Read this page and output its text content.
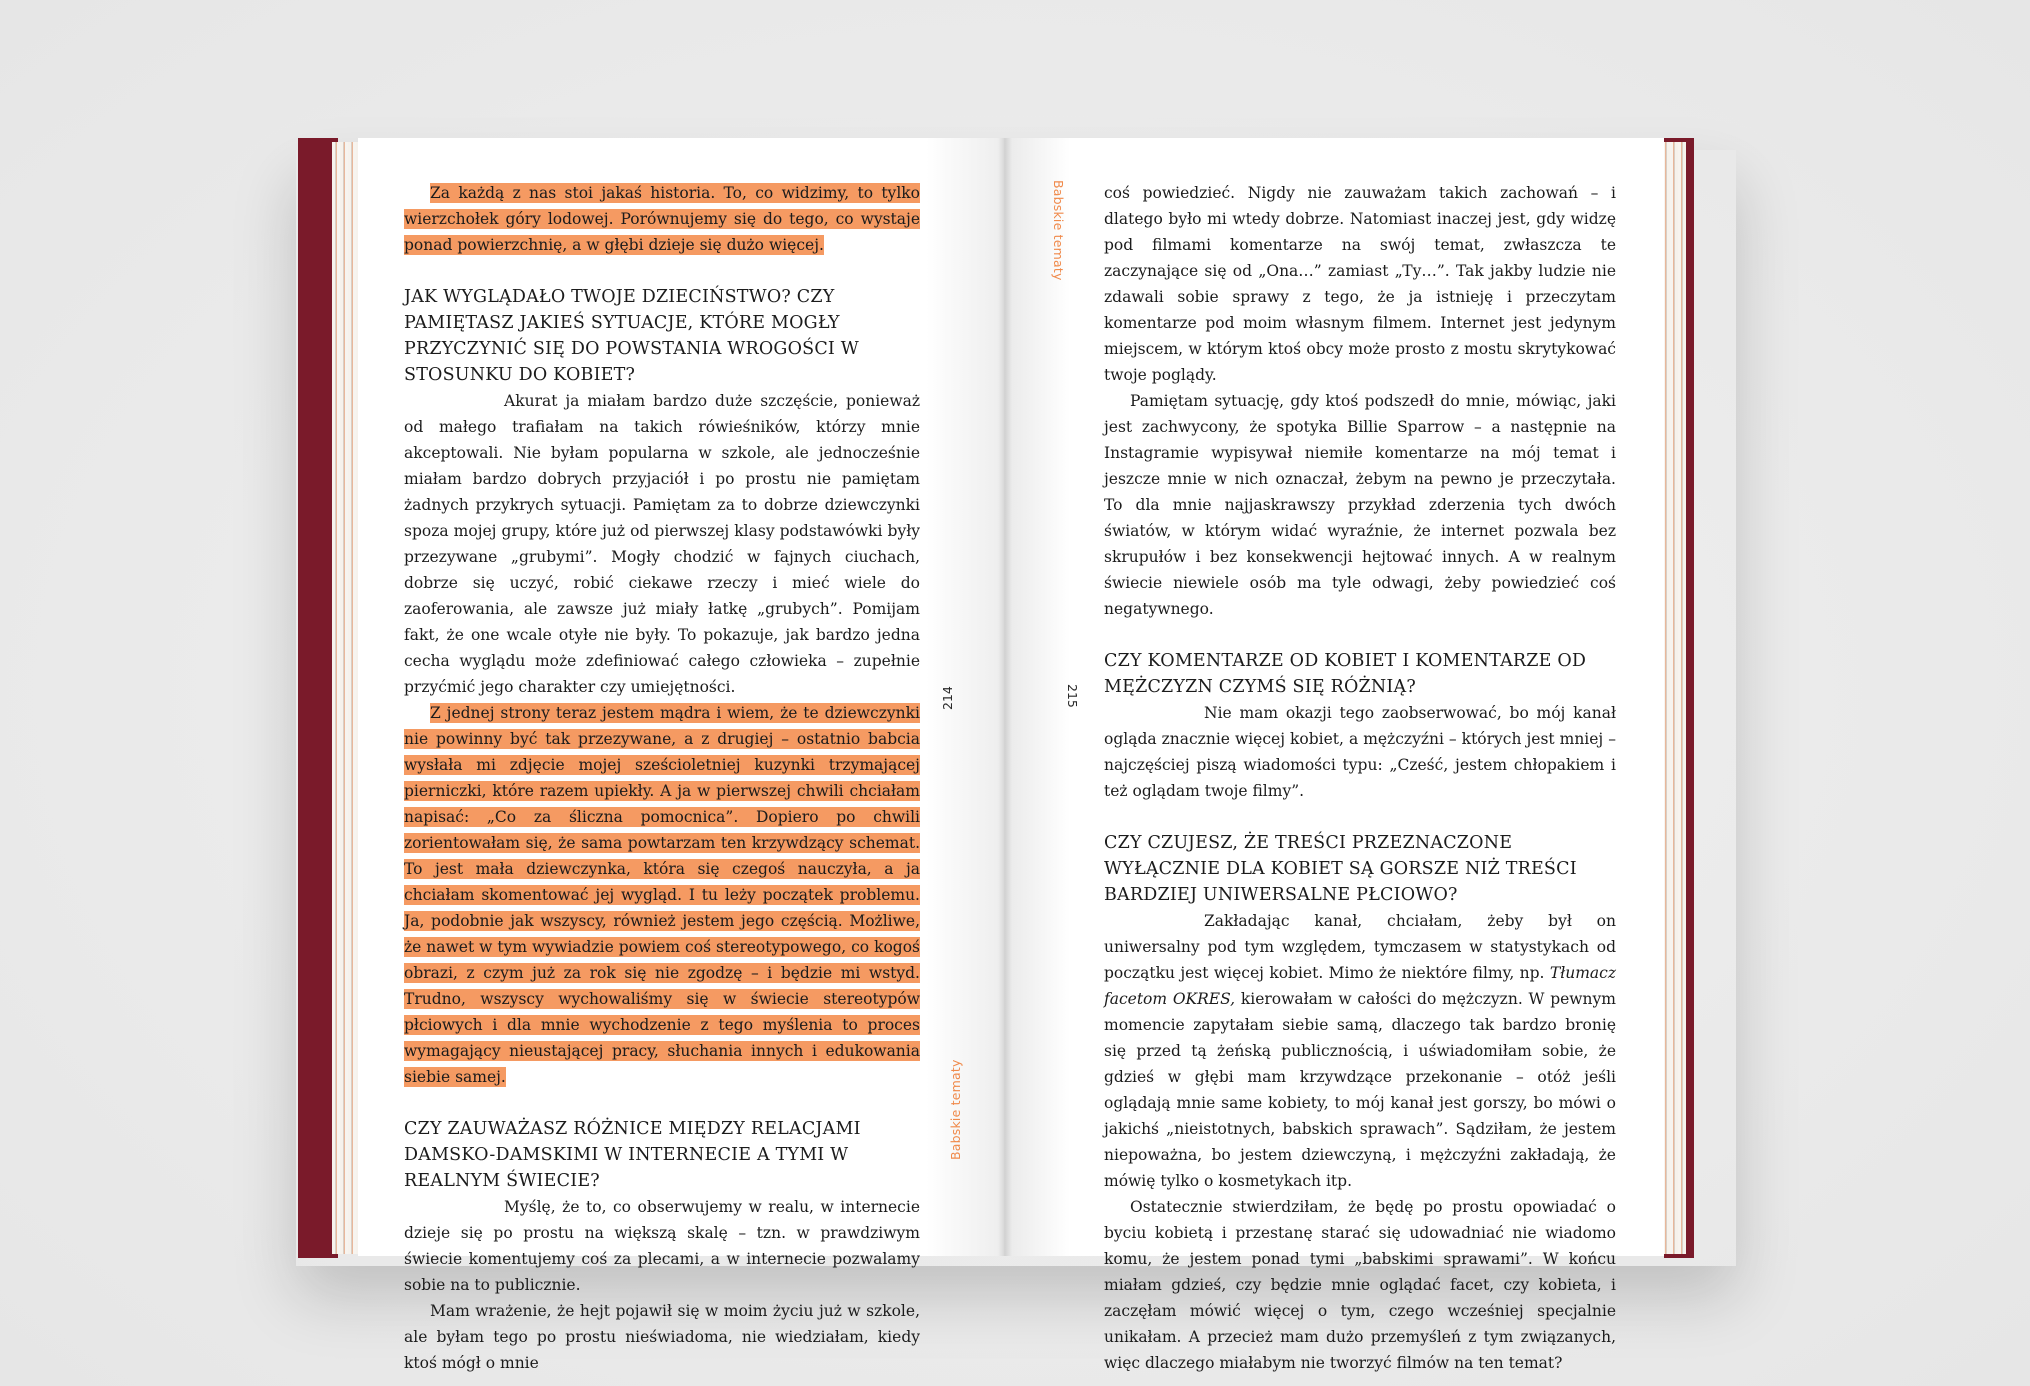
Za każdą z nas stoi jakaś historia. To, co widzimy, to tylko wierzchołek góry lodowej. Porównujemy się do tego, co wystaje ponad powierzchnię, a w głębi dzieje się dużo więcej.

JAK WYGLĄDAŁO TWOJE DZIECIŃSTWO? CZY PAMIĘTASZ JAKIEŚ SYTUACJE, KTÓRE MOGŁY PRZYCZYNIĆ SIĘ DO POWSTANIA WROGOŚCI W STOSUNKU DO KOBIET?

Akurat ja miałam bardzo duże szczęście, ponieważ od małego trafiałam na takich rówieśników, którzy mnie akceptowali. Nie byłam popularna w szkole, ale jednocześnie miałam bardzo dobrych przyjaciół i po prostu nie pamiętam żadnych przykrych sytuacji. Pamiętam za to dobrze dziewczynki spoza mojej grupy, które już od pierwszej klasy podstawówki były przezywane „grubymi”. Mogły chodzić w fajnych ciuchach, dobrze się uczyć, robić ciekawe rzeczy i mieć wiele do zaoferowania, ale zawsze już miały łatkę „grubych”. Pomijam fakt, że one wcale otyłe nie były. To pokazuje, jak bardzo jedna cecha wyglądu może zdefiniować całego człowieka – zupełnie przyćmić jego charakter czy umiejętności.

Z jednej strony teraz jestem mądra i wiem, że te dziewczynki nie powinny być tak przezywane, a z drugiej – ostatnio babcia wysłała mi zdjęcie mojej sześcioletniej kuzynki trzymającej pierniczki, które razem upiekły. A ja w pierwszej chwili chciałam napisać: „Co za śliczna pomocnica”. Dopiero po chwili zorientowałam się, że sama powtarzam ten krzywdzący schemat. To jest mała dziewczynka, która się czegoś nauczyła, a ja chciałam skomentować jej wygląd. I tu leży początek problemu. Ja, podobnie jak wszyscy, również jestem jego częścią. Możliwe, że nawet w tym wywiadzie powiem coś stereotypowego, co kogoś obrazi, z czym już za rok się nie zgodzę – i będzie mi wstyd. Trudno, wszyscy wychowaliśmy się w świecie stereotypów płciowych i dla mnie wychodzenie z tego myślenia to proces wymagający nieustającej pracy, słuchania innych i edukowania siebie samej.

CZY ZAUWAŻASZ RÓŻNICE MIĘDZY RELACJAMI DAMSKO-DAMSKIMI W INTERNECIE A TYMI W REALNYM ŚWIECIE?

Myślę, że to, co obserwujemy w realu, w internecie dzieje się po prostu na większą skalę – tzn. w prawdziwym świecie komentujemy coś za plecami, a w internecie pozwalamy sobie na to publicznie.

Mam wrażenie, że hejt pojawił się w moim życiu już w szkole, ale byłam tego po prostu nieświadoma, nie wiedziałam, kiedy ktoś mógł o mnie

coś powiedzieć. Nigdy nie zauważam takich zachowań – i dlatego było mi wtedy dobrze. Natomiast inaczej jest, gdy widzę pod filmami komentarze na swój temat, zwłaszcza te zaczynające się od „Ona…” zamiast „Ty…”. Tak jakby ludzie nie zdawali sobie sprawy z tego, że ja istnieję i przeczytam komentarze pod moim własnym filmem. Internet jest jedynym miejscem, w którym ktoś obcy może prosto z mostu skrytykować twoje poglądy.

Pamiętam sytuację, gdy ktoś podszedł do mnie, mówiąc, jaki jest zachwycony, że spotyka Billie Sparrow – a następnie na Instagramie wypisywał niemiłe komentarze na mój temat i jeszcze mnie w nich oznaczał, żebym na pewno je przeczytała. To dla mnie najjaskrawszy przykład zderzenia tych dwóch światów, w którym widać wyraźnie, że internet pozwala bez skrupułów i bez konsekwencji hejtować innych. A w realnym świecie niewiele osób ma tyle odwagi, żeby powiedzieć coś negatywnego.

CZY KOMENTARZE OD KOBIET I KOMENTARZE OD MĘŻCZYZN CZYMŚ SIĘ RÓŻNIĄ?

Nie mam okazji tego zaobserwować, bo mój kanał ogląda znacznie więcej kobiet, a mężczyźni – których jest mniej – najczęściej piszą wiadomości typu: „Cześć, jestem chłopakiem i też oglądam twoje filmy”.

CZY CZUJESZ, ŻE TREŚCI PRZEZNACZONE WYŁĄCZNIE DLA KOBIET SĄ GORSZE NIŻ TREŚCI BARDZIEJ UNIWERSALNE PŁCIOWO?

Zakładając kanał, chciałam, żeby był on uniwersalny pod tym względem, tymczasem w statystykach od początku jest więcej kobiet. Mimo że niektóre filmy, np. Tłumacz facetom OKRES, kierowałam w całości do mężczyzn. W pewnym momencie zapytałam siebie samą, dlaczego tak bardzo bronię się przed tą żeńską publicznością, i uświadomiłam sobie, że gdzieś w głębi mam krzywdzące przekonanie – otóż jeśli oglądają mnie same kobiety, to mój kanał jest gorszy, bo mówi o jakichś „nieistotnych, babskich sprawach”. Sądziłam, że jestem niepoważna, bo jestem dziewczyną, i mężczyźni zakładają, że mówię tylko o kosmetykach itp.

Ostatecznie stwierdziłam, że będę po prostu opowiadać o byciu kobietą i przestanę starać się udowadniać nie wiadomo komu, że jestem ponad tymi „babskimi sprawami”. W końcu miałam gdzieś, czy będzie mnie oglądać facet, czy kobieta, i zaczęłam mówić więcej o tym, czego wcześniej specjalnie unikałam. A przecież mam dużo przemyśleń z tym związanych, więc dlaczego miałabym nie tworzyć filmów na ten temat?

Babskie tematy
Babskie tematy
214	215
